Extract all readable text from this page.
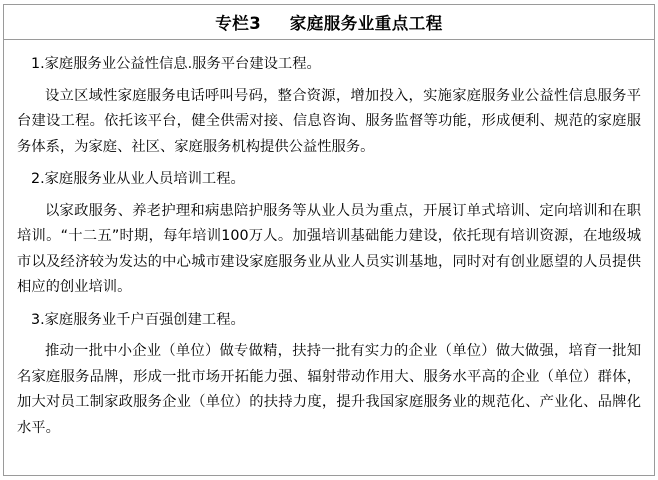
专栏3 家庭服务业重点工程

1.家庭服务业公益性信息.服务平台建设工程。

设立区域性家庭服务电话呼叫号码，整合资源，增加投入，实施家庭服务业公益性信息服务平台建设工程。依托该平台，健全供需对接、信息咨询、服务监督等功能，形成便利、规范的家庭服务体系，为家庭、社区、家庭服务机构提供公益性服务。

2.家庭服务业从业人员培训工程。

以家政服务、养老护理和病患陪护服务等从业人员为重点，开展订单式培训、定向培训和在职培训。“十二五”时期，每年培训100万人。加强培训基础能力建设，依托现有培训资源，在地级城市以及经济较为发达的中心城市建设家庭服务业从业人员实训基地，同时对有创业愿望的人员提供相应的创业培训。

3.家庭服务业千户百强创建工程。

推动一批中小企业（单位）做专做精，扶持一批有实力的企业（单位）做大做强，培育一批知名家庭服务品牌，形成一批市场开拓能力强、辐射带动作用大、服务水平高的企业（单位）群体，加大对员工制家政服务企业（单位）的扶持力度，提升我国家庭服务业的规范化、产业化、品牌化水平。
